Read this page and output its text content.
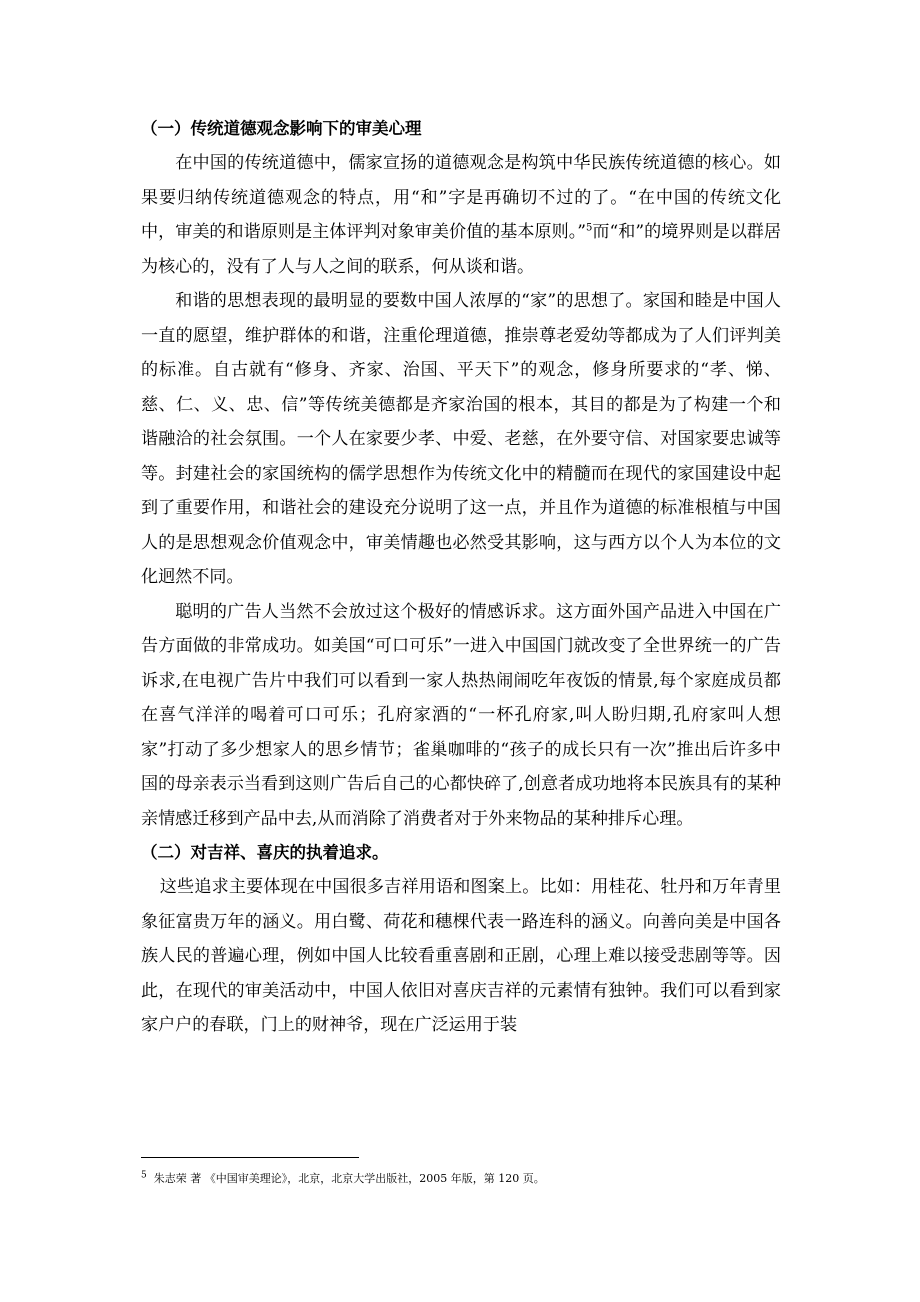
（一）传统道德观念影响下的审美心理

在中国的传统道德中，儒家宣扬的道德观念是构筑中华民族传统道德的核心。如果要归纳传统道德观念的特点，用“和”字是再确切不过的了。“在中国的传统文化中，审美的和谐原则是主体评判对象审美价值的基本原则。”$^5$而“和”的境界则是以群居为核心的，没有了人与人之间的联系，何从谈和谐。

和谐的思想表现的最明显的要数中国人浓厚的“家”的思想了。家国和睦是中国人一直的愿望，维护群体的和谐，注重伦理道德，推崇尊老爱幼等都成为了人们评判美的标准。自古就有“修身、齐家、治国、平天下”的观念，修身所要求的“孝、悌、慈、仁、义、忠、信”等传统美德都是齐家治国的根本，其目的都是为了构建一个和谐融洽的社会氛围。一个人在家要少孝、中爱、老慈，在外要守信、对国家要忠诚等等。封建社会的家国统构的儒学思想作为传统文化中的精髓而在现代的家国建设中起到了重要作用，和谐社会的建设充分说明了这一点，并且作为道德的标准根植与中国人的是思想观念价值观念中，审美情趣也必然受其影响，这与西方以个人为本位的文化迥然不同。

聪明的广告人当然不会放过这个极好的情感诉求。这方面外国产品进入中国在广告方面做的非常成功。如美国“可口可乐”一进入中国国门就改变了全世界统一的广告诉求,在电视广告片中我们可以看到一家人热热闹闹吃年夜饭的情景,每个家庭成员都在喜气洋洋的喝着可口可乐；孔府家酒的“一杯孔府家,叫人盼归期,孔府家叫人想家”打动了多少想家人的思乡情节；雀巢咖啡的“孩子的成长只有一次”推出后许多中国的母亲表示当看到这则广告后自己的心都快碎了,创意者成功地将本民族具有的某种亲情感迁移到产品中去,从而消除了消费者对于外来物品的某种排斥心理。

（二）对吉祥、喜庆的执着追求。

这些追求主要体现在中国很多吉祥用语和图案上。比如：用桂花、牡丹和万年青里象征富贵万年的涵义。用白鹭、荷花和穗棵代表一路连科的涵义。向善向美是中国各族人民的普遍心理，例如中国人比较看重喜剧和正剧，心理上难以接受悲剧等等。因此，在现代的审美活动中，中国人依旧对喜庆吉祥的元素情有独钟。我们可以看到家家户户的春联，门上的财神爷，现在广泛运用于装

$^5$ 朱志荣 著 《中国审美理论》，北京，北京大学出版社，2005 年版，第 120 页。
